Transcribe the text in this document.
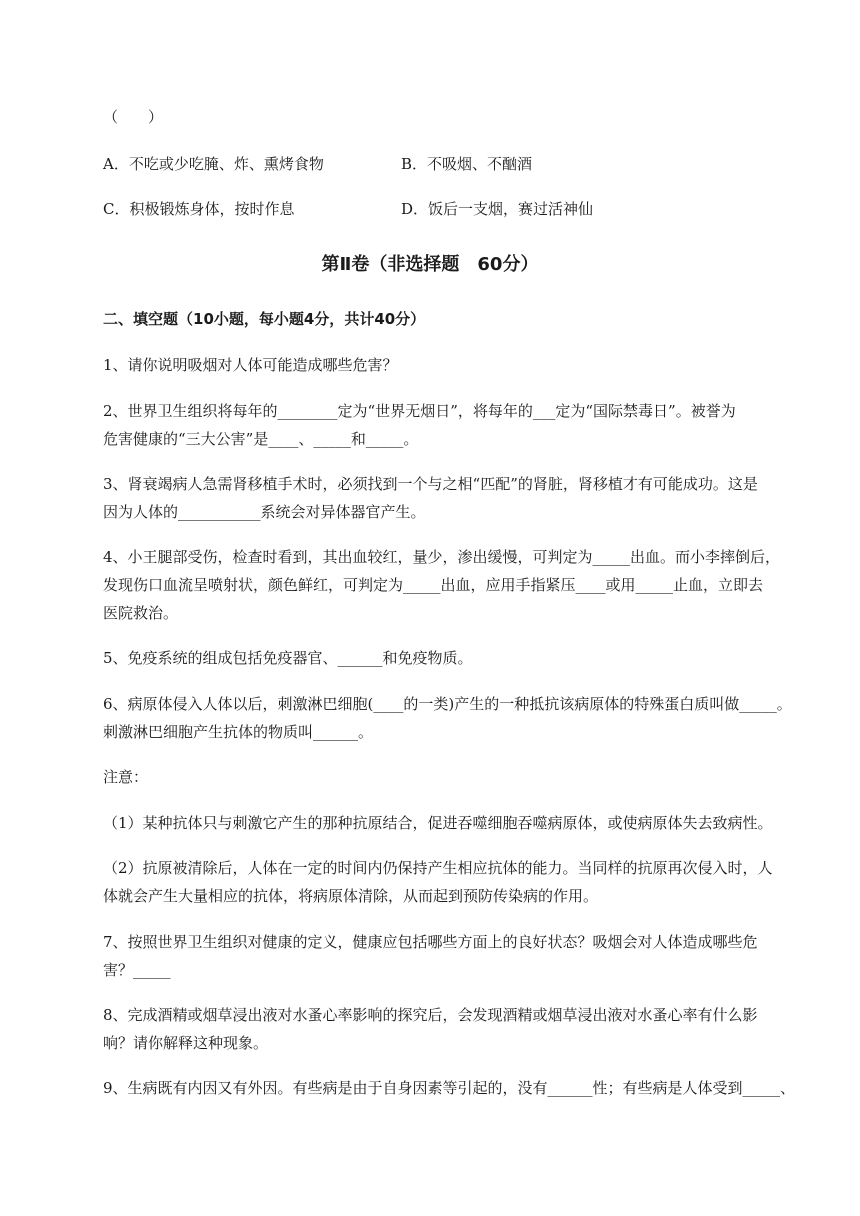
（　　）
A．不吃或少吃腌、炸、熏烤食物	B．不吸烟、不酗酒
C．积极锻炼身体，按时作息	D．饭后一支烟，赛过活神仙
第Ⅱ卷（非选择题　60分）
二、填空题（10小题，每小题4分，共计40分）
1、请你说明吸烟对人体可能造成哪些危害？
2、世界卫生组织将每年的________定为“世界无烟日”，将每年的___定为“国际禁毒日”。被誉为
危害健康的“三大公害”是____、_____和_____。
3、肾衰竭病人急需肾移植手术时，必须找到一个与之相“匹配”的肾脏，肾移植才有可能成功。这是
因为人体的___________系统会对异体器官产生。
4、小王腿部受伤，检查时看到，其出血较红，量少，渗出缓慢，可判定为_____出血。而小李摔倒后，
发现伤口血流呈喷射状，颜色鲜红，可判定为_____出血，应用手指紧压____或用_____止血，立即去
医院救治。
5、免疫系统的组成包括免疫器官、______和免疫物质。
6、病原体侵入人体以后，刺激淋巴细胞(____的一类)产生的一种抵抗该病原体的特殊蛋白质叫做_____。
刺激淋巴细胞产生抗体的物质叫______。
注意：
（1）某种抗体只与刺激它产生的那种抗原结合，促进吞噬细胞吞噬病原体，或使病原体失去致病性。
（2）抗原被清除后，人体在一定的时间内仍保持产生相应抗体的能力。当同样的抗原再次侵入时，人
体就会产生大量相应的抗体，将病原体清除，从而起到预防传染病的作用。
7、按照世界卫生组织对健康的定义，健康应包括哪些方面上的良好状态？吸烟会对人体造成哪些危
害？_____
8、完成酒精或烟草浸出液对水蚤心率影响的探究后，会发现酒精或烟草浸出液对水蚤心率有什么影
响？请你解释这种现象。
9、生病既有内因又有外因。有些病是由于自身因素等引起的，没有______性；有些病是人体受到_____、
